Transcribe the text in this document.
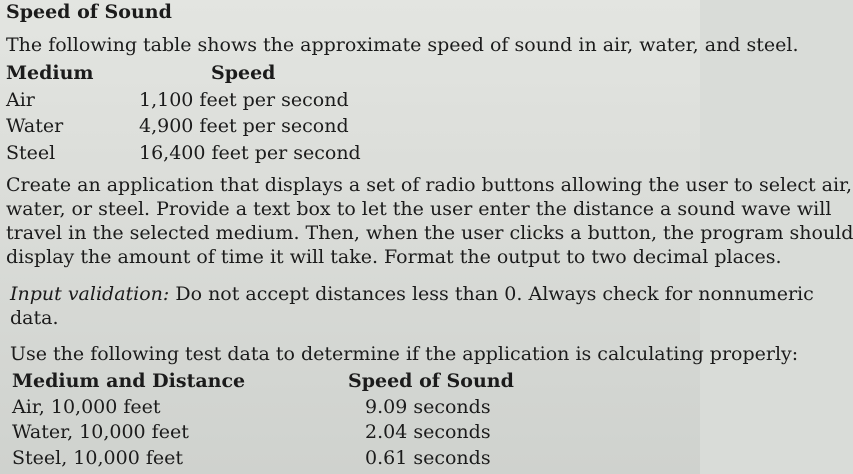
Speed of Sound
The following table shows the approximate speed of sound in air, water, and steel.
Medium	Speed
Air	1,100 feet per second
Water	4,900 feet per second
Steel	16,400 feet per second
Create an application that displays a set of radio buttons allowing the user to select air,
water, or steel. Provide a text box to let the user enter the distance a sound wave will
travel in the selected medium. Then, when the user clicks a button, the program should
display the amount of time it will take. Format the output to two decimal places.
Input validation: Do not accept distances less than 0. Always check for nonnumeric
data.
Use the following test data to determine if the application is calculating properly:
Medium and Distance	Speed of Sound
Air, 10,000 feet	9.09 seconds
Water, 10,000 feet	2.04 seconds
Steel, 10,000 feet	0.61 seconds
